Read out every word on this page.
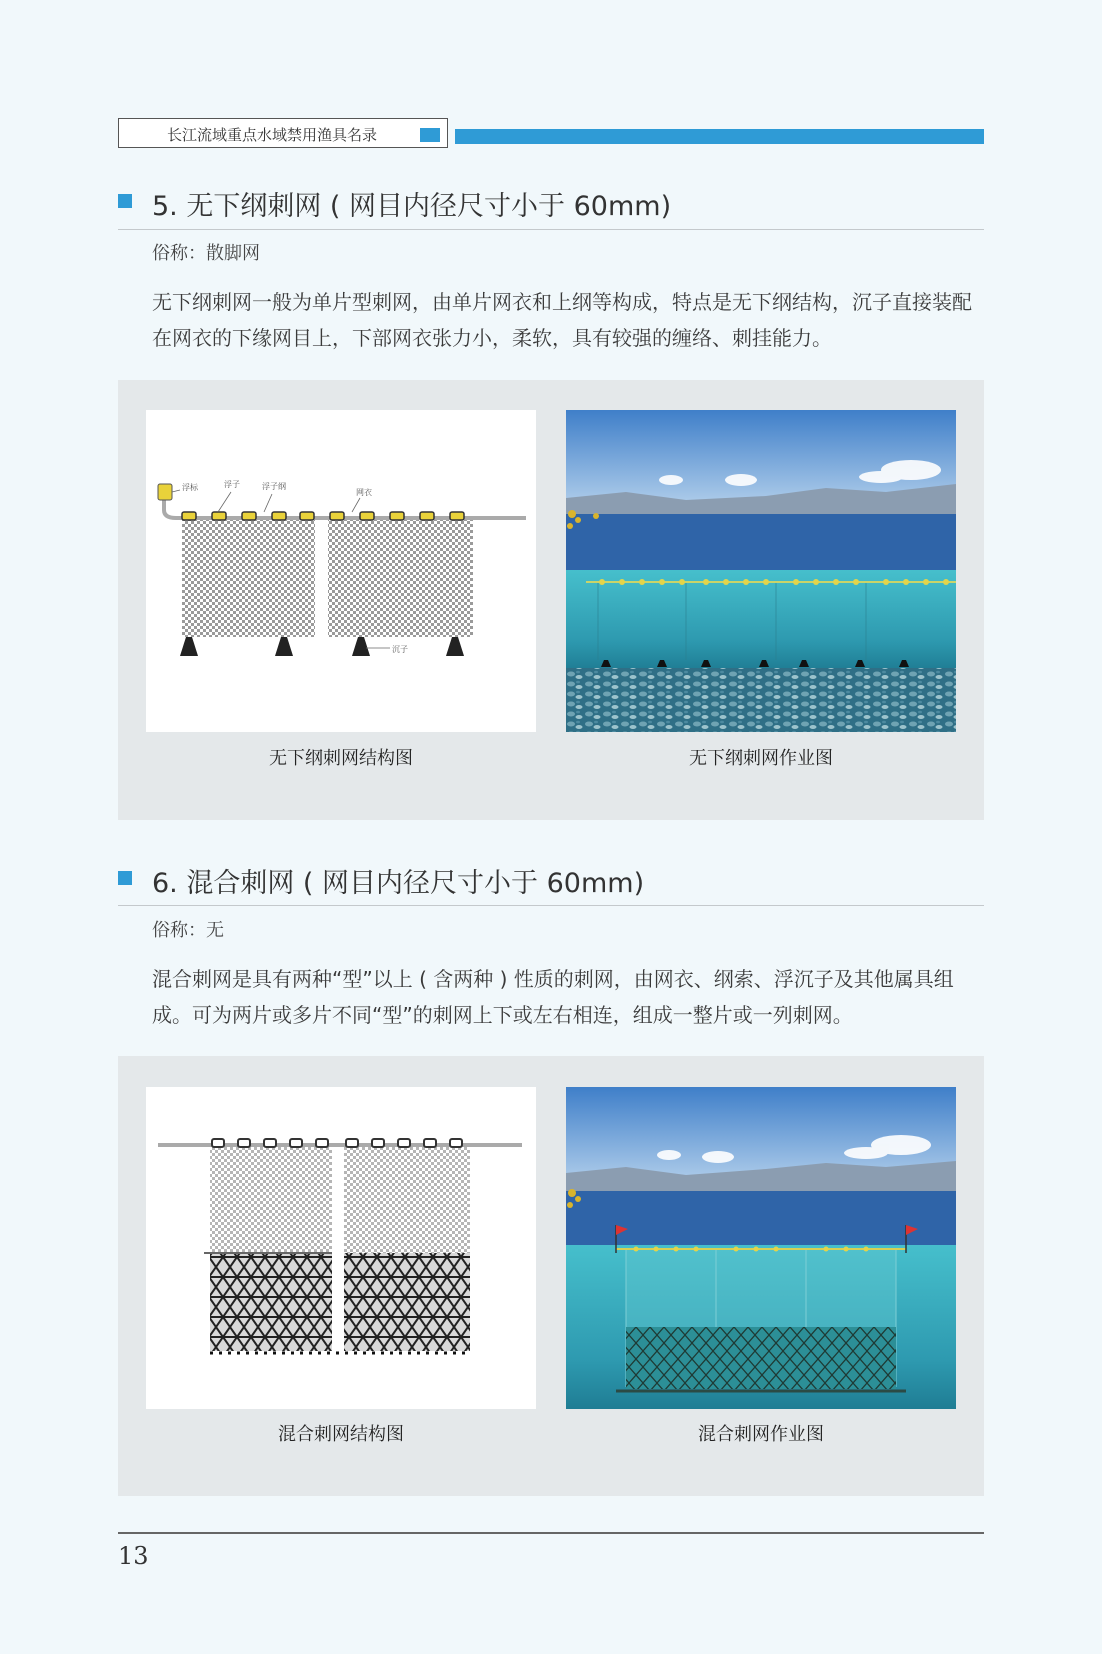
长江流域重点水域禁用渔具名录
5. 无下纲刺网 ( 网目内径尺寸小于 60mm)
俗称：散脚网
无下纲刺网一般为单片型刺网，由单片网衣和上纲等构成，特点是无下纲结构，沉子直接装配在网衣的下缘网目上，下部网衣张力小，柔软，具有较强的缠络、刺挂能力。
浮标	浮子	浮子纲
网衣
沉子
无下纲刺网结构图	无下纲刺网作业图
6. 混合刺网 ( 网目内径尺寸小于 60mm)
俗称：无
混合刺网是具有两种“型”以上 ( 含两种 ) 性质的刺网，由网衣、纲索、浮沉子及其他属具组成。可为两片或多片不同“型”的刺网上下或左右相连，组成一整片或一列刺网。
混合刺网结构图	混合刺网作业图
13
